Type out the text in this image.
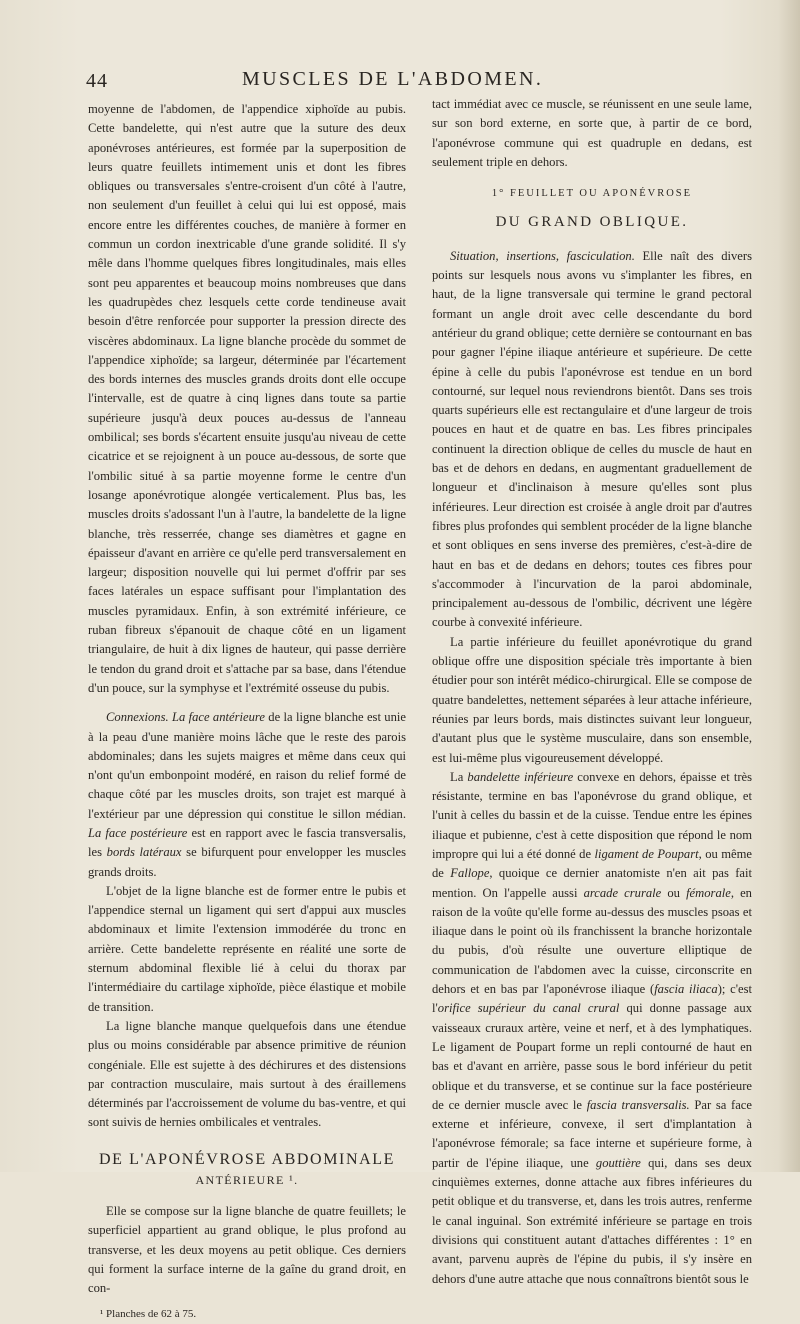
44	MUSCLES DE L'ABDOMEN.

moyenne de l'abdomen, de l'appendice xiphoïde au pubis. Cette bandelette, qui n'est autre que la suture des deux aponévroses antérieures, est formée par la superposition de leurs quatre feuillets intimement unis et dont les fibres obliques ou transversales s'entre-croisent d'un côté à l'autre, non seulement d'un feuillet à celui qui lui est opposé, mais encore entre les différentes couches, de manière à former en commun un cordon inextricable d'une grande solidité. Il s'y mêle dans l'homme quelques fibres longitudinales, mais elles sont peu apparentes et beaucoup moins nombreuses que dans les quadrupèdes chez lesquels cette corde tendineuse avait besoin d'être renforcée pour supporter la pression directe des viscères abdominaux. La ligne blanche procède du sommet de l'appendice xiphoïde; sa largeur, déterminée par l'écartement des bords internes des muscles grands droits dont elle occupe l'intervalle, est de quatre à cinq lignes dans toute sa partie supérieure jusqu'à deux pouces au-dessus de l'anneau ombilical; ses bords s'écartent ensuite jusqu'au niveau de cette cicatrice et se rejoignent à un pouce au-dessous, de sorte que l'ombilic situé à sa partie moyenne forme le centre d'un losange aponévrotique alongée verticalement. Plus bas, les muscles droits s'adossant l'un à l'autre, la bandelette de la ligne blanche, très resserrée, change ses diamètres et gagne en épaisseur d'avant en arrière ce qu'elle perd transversalement en largeur; disposition nouvelle qui lui permet d'offrir par ses faces latérales un espace suffisant pour l'implantation des muscles pyramidaux. Enfin, à son extrémité inférieure, ce ruban fibreux s'épanouit de chaque côté en un ligament triangulaire, de huit à dix lignes de hauteur, qui passe derrière le tendon du grand droit et s'attache par sa base, dans l'étendue d'un pouce, sur la symphyse et l'extrémité osseuse du pubis.

Connexions. La face antérieure de la ligne blanche est unie à la peau d'une manière moins lâche que le reste des parois abdominales; dans les sujets maigres et même dans ceux qui n'ont qu'un embonpoint modéré, en raison du relief formé de chaque côté par les muscles droits, son trajet est marqué à l'extérieur par une dépression qui constitue le sillon médian. La face postérieure est en rapport avec le fascia transversalis, les bords latéraux se bifurquent pour envelopper les muscles grands droits.

L'objet de la ligne blanche est de former entre le pubis et l'appendice sternal un ligament qui sert d'appui aux muscles abdominaux et limite l'extension immodérée du tronc en arrière. Cette bandelette représente en réalité une sorte de sternum abdominal flexible lié à celui du thorax par l'intermédiaire du cartilage xiphoïde, pièce élastique et mobile de transition.

La ligne blanche manque quelquefois dans une étendue plus ou moins considérable par absence primitive de réunion congéniale. Elle est sujette à des déchirures et des distensions par contraction musculaire, mais surtout à des éraillemens déterminés par l'accroissement de volume du bas-ventre, et qui sont suivis de hernies ombilicales et ventrales.

DE L'APONÉVROSE ABDOMINALE
ANTÉRIEURE ¹.

Elle se compose sur la ligne blanche de quatre feuillets; le superficiel appartient au grand oblique, le plus profond au transverse, et les deux moyens au petit oblique. Ces derniers qui forment la surface interne de la gaîne du grand droit, en con-

¹ Planches de 62 à 75.

tact immédiat avec ce muscle, se réunissent en une seule lame, sur son bord externe, en sorte que, à partir de ce bord, l'aponévrose commune qui est quadruple en dedans, est seulement triple en dehors.

1° FEUILLET OU APONÉVROSE
DU GRAND OBLIQUE.

Situation, insertions, fasciculation. Elle naît des divers points sur lesquels nous avons vu s'implanter les fibres, en haut, de la ligne transversale qui termine le grand pectoral formant un angle droit avec celle descendante du bord antérieur du grand oblique; cette dernière se contournant en bas pour gagner l'épine iliaque antérieure et supérieure. De cette épine à celle du pubis l'aponévrose est tendue en un bord contourné, sur lequel nous reviendrons bientôt. Dans ses trois quarts supérieurs elle est rectangulaire et d'une largeur de trois pouces en haut et de quatre en bas. Les fibres principales continuent la direction oblique de celles du muscle de haut en bas et de dehors en dedans, en augmentant graduellement de longueur et d'inclinaison à mesure qu'elles sont plus inférieures. Leur direction est croisée à angle droit par d'autres fibres plus profondes qui semblent procéder de la ligne blanche et sont obliques en sens inverse des premières, c'est-à-dire de haut en bas et de dedans en dehors; toutes ces fibres pour s'accommoder à l'incurvation de la paroi abdominale, principalement au-dessous de l'ombilic, décrivent une légère courbe à convexité inférieure.

La partie inférieure du feuillet aponévrotique du grand oblique offre une disposition spéciale très importante à bien étudier pour son intérêt médico-chirurgical. Elle se compose de quatre bandelettes, nettement séparées à leur attache inférieure, réunies par leurs bords, mais distinctes suivant leur longueur, d'autant plus que le système musculaire, dans son ensemble, est lui-même plus vigoureusement développé.

La bandelette inférieure convexe en dehors, épaisse et très résistante, termine en bas l'aponévrose du grand oblique, et l'unit à celles du bassin et de la cuisse. Tendue entre les épines iliaque et pubienne, c'est à cette disposition que répond le nom impropre qui lui a été donné de ligament de Poupart, ou même de Fallope, quoique ce dernier anatomiste n'en ait pas fait mention. On l'appelle aussi arcade crurale ou fémorale, en raison de la voûte qu'elle forme au-dessus des muscles psoas et iliaque dans le point où ils franchissent la branche horizontale du pubis, d'où résulte une ouverture elliptique de communication de l'abdomen avec la cuisse, circonscrite en dehors et en bas par l'aponévrose iliaque (fascia iliaca); c'est l'orifice supérieur du canal crural qui donne passage aux vaisseaux cruraux artère, veine et nerf, et à des lymphatiques. Le ligament de Poupart forme un repli contourné de haut en bas et d'avant en arrière, passe sous le bord inférieur du petit oblique et du transverse, et se continue sur la face postérieure de ce dernier muscle avec le fascia transversalis. Par sa face externe et inférieure, convexe, il sert d'implantation à l'aponévrose fémorale; sa face interne et supérieure forme, à partir de l'épine iliaque, une gouttière qui, dans ses deux cinquièmes externes, donne attache aux fibres inférieures du petit oblique et du transverse, et, dans les trois autres, renferme le canal inguinal. Son extrémité inférieure se partage en trois divisions qui constituent autant d'attaches différentes : 1° en avant, parvenu auprès de l'épine du pubis, il s'y insère en dehors d'une autre attache que nous connaîtrons bientôt sous le
